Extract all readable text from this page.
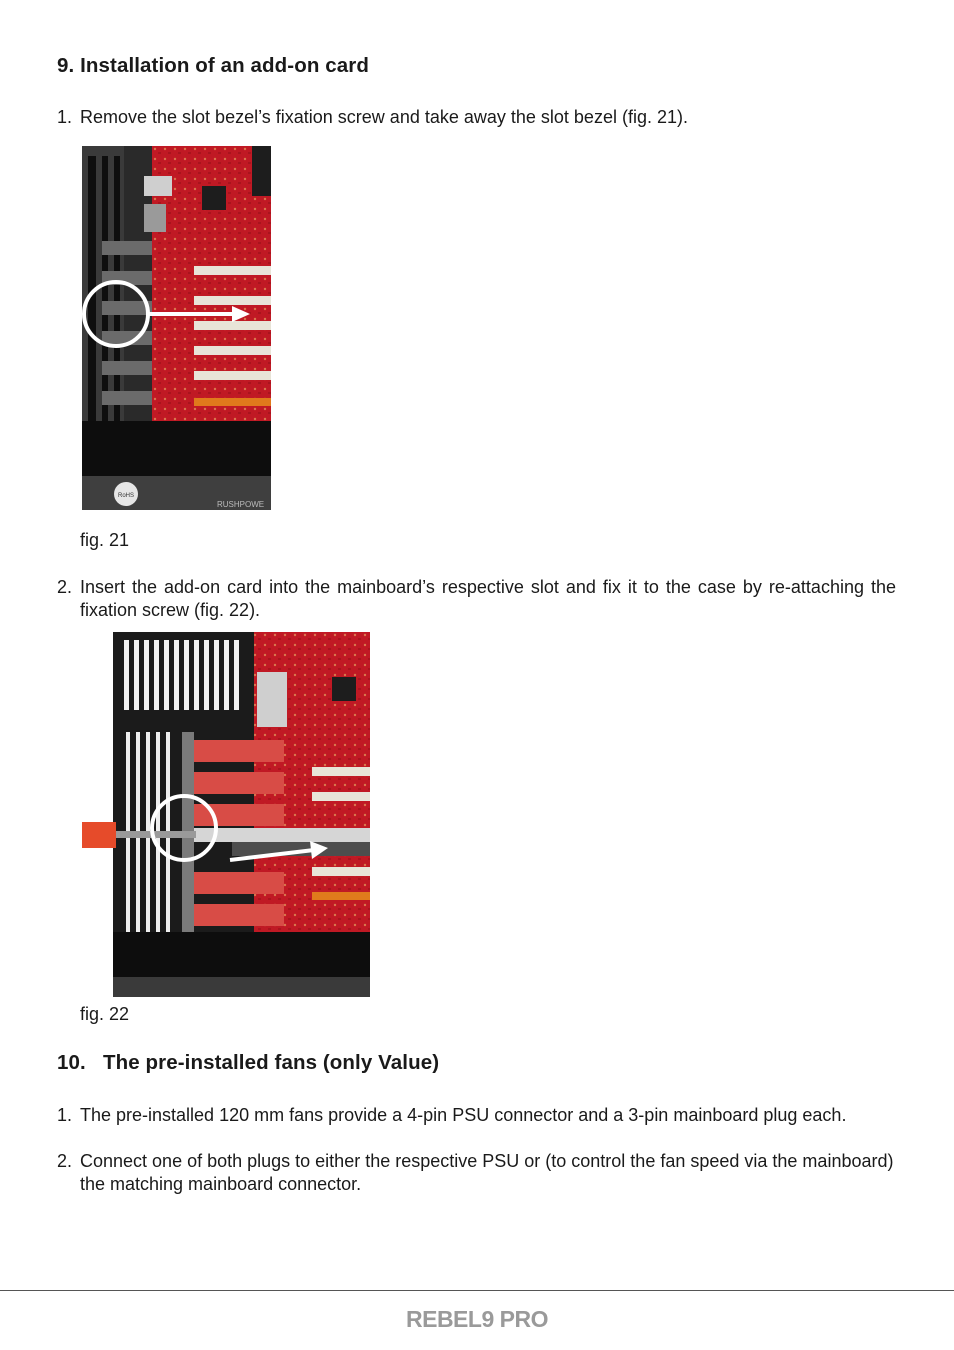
9. Installation of an add-on card
1. Remove the slot bezel’s fixation screw and take away the slot bezel (fig. 21).
RoHS
RUSHPOWE
fig. 21
2. Insert the add-on card into the mainboard’s respective slot and fix it to the case by re-attaching the fixation screw (fig. 22).
fig. 22
10. The pre-installed fans (only Value)
1. The pre-installed 120 mm fans provide a 4-pin PSU connector and a 3-pin mainboard plug each.
2. Connect one of both plugs to either the respective PSU or (to control the fan speed via the mainboard) the matching mainboard connector.
REBEL9 PRO
